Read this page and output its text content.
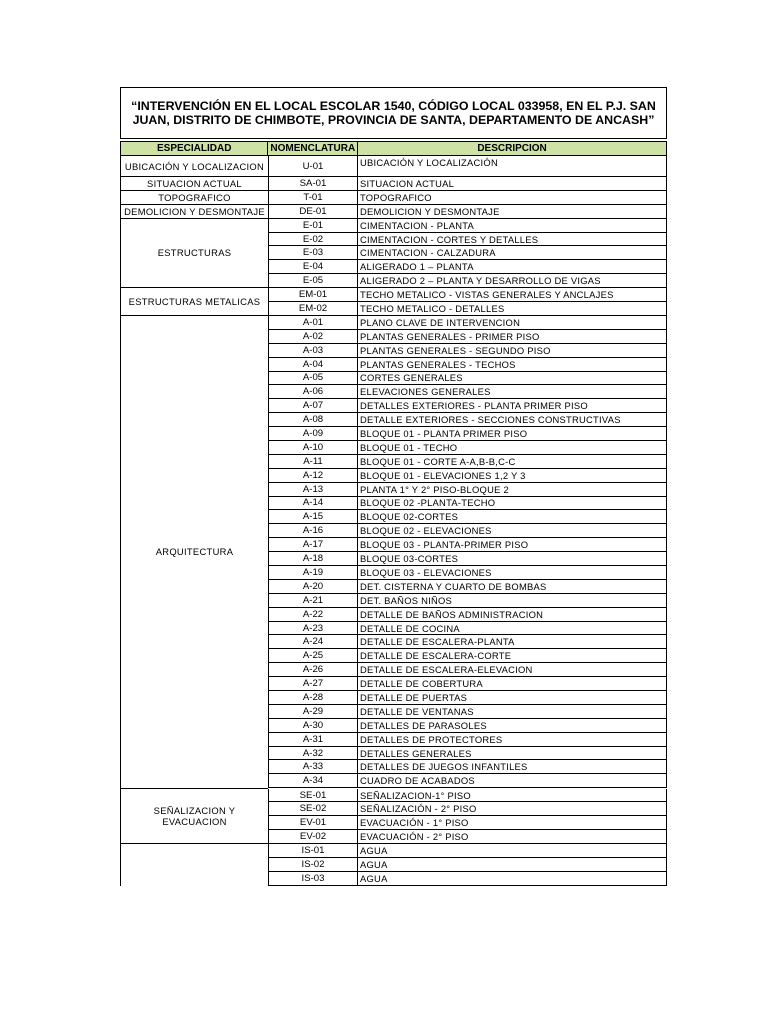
“INTERVENCIÓN EN EL LOCAL ESCOLAR 1540, CÓDIGO LOCAL 033958, EN EL P.J. SAN JUAN, DISTRITO DE CHIMBOTE, PROVINCIA DE SANTA, DEPARTAMENTO DE ANCASH”
ESPECIALIDAD	NOMENCLATURA	DESCRIPCION
UBICACIÓN Y LOCALIZACION	U-01	UBICACIÓN Y LOCALIZACIÓN
SITUACION ACTUAL	SA-01	SITUACION ACTUAL
TOPOGRAFICO	T-01	TOPOGRAFICO
DEMOLICION Y DESMONTAJE	DE-01	DEMOLICION Y DESMONTAJE
ESTRUCTURAS
E-01	CIMENTACION - PLANTA
E-02	CIMENTACION - CORTES Y DETALLES
E-03	CIMENTACION - CALZADURA
E-04	ALIGERADO 1 – PLANTA
E-05	ALIGERADO 2 – PLANTA Y DESARROLLO DE VIGAS
ESTRUCTURAS METALICAS
EM-01	TECHO METALICO - VISTAS GENERALES Y ANCLAJES
EM-02	TECHO METALICO - DETALLES
ARQUITECTURA
A-01	PLANO CLAVE DE INTERVENCION
A-02	PLANTAS GENERALES - PRIMER PISO
A-03	PLANTAS GENERALES - SEGUNDO PISO
A-04	PLANTAS GENERALES - TECHOS
A-05	CORTES GENERALES
A-06	ELEVACIONES GENERALES
A-07	DETALLES EXTERIORES - PLANTA PRIMER PISO
A-08	DETALLE EXTERIORES - SECCIONES CONSTRUCTIVAS
A-09	BLOQUE 01 - PLANTA PRIMER PISO
A-10	BLOQUE 01 - TECHO
A-11	BLOQUE 01 - CORTE A-A,B-B,C-C
A-12	BLOQUE 01 - ELEVACIONES 1,2 Y 3
A-13	PLANTA 1° Y 2° PISO-BLOQUE 2
A-14	BLOQUE 02 -PLANTA-TECHO
A-15	BLOQUE 02-CORTES
A-16	BLOQUE 02 - ELEVACIONES
A-17	BLOQUE 03 - PLANTA-PRIMER PISO
A-18	BLOQUE 03-CORTES
A-19	BLOQUE 03 - ELEVACIONES
A-20	DET. CISTERNA Y CUARTO DE BOMBAS
A-21	DET. BAÑOS NIÑOS
A-22	DETALLE DE BAÑOS ADMINISTRACION
A-23	DETALLE DE COCINA
A-24	DETALLE DE ESCALERA-PLANTA
A-25	DETALLE DE ESCALERA-CORTE
A-26	DETALLE DE ESCALERA-ELEVACION
A-27	DETALLE DE COBERTURA
A-28	DETALLE DE PUERTAS
A-29	DETALLE DE VENTANAS
A-30	DETALLES DE PARASOLES
A-31	DETALLES DE PROTECTORES
A-32	DETALLES GENERALES
A-33	DETALLES DE JUEGOS INFANTILES
A-34	CUADRO DE ACABADOS
SEÑALIZACION Y EVACUACION
SE-01	SEÑALIZACION-1° PISO
SE-02	SEÑALIZACIÓN - 2° PISO
EV-01	EVACUACIÓN - 1° PISO
EV-02	EVACUACIÓN - 2° PISO
IS-01	AGUA
IS-02	AGUA
IS-03	AGUA
